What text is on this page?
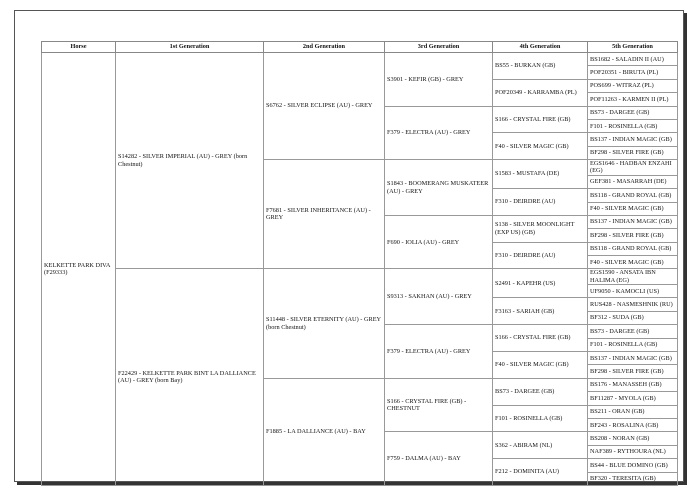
Horse	1st Generation	2nd Generation	3rd Generation	4th Generation	5th Generation
KELKETTE PARK DIVA (F29333)	S14282 - SILVER IMPERIAL (AU) - GREY (born Chestnut)	S6762 - SILVER ECLIPSE (AU) - GREY	S3901 - KEFIR (GB) - GREY	BS55 - BURKAN (GB)	BS1682 - SALADIN II (AU)
					POF20351 - BIRUTA (PL)
				POF20349 - KARRAMBA (PL)	POS699 - WITRAZ (PL)
					POF11263 - KARMEN II (PL)
			F379 - ELECTRA (AU) - GREY	S166 - CRYSTAL FIRE (GB)	BS73 - DARGEE (GB)
					F101 - ROSINELLA (GB)
				F40 - SILVER MAGIC (GB)	BS137 - INDIAN MAGIC (GB)
					BF298 - SILVER FIRE (GB)
		F7681 - SILVER INHERITANCE (AU) - GREY	S1843 - BOOMERANG MUSKATEER (AU) - GREY	S1583 - MUSTAFA (DE)	EGS1646 - HADBAN ENZAHI (EG)
					GEF381 - MASARRAH (DE)
				F310 - DEIRDRE (AU)	BS118 - GRAND ROYAL (GB)
					F40 - SILVER MAGIC (GB)
			F690 - IOLIA (AU) - GREY	S138 - SILVER MOONLIGHT (EXP US) (GB)	BS137 - INDIAN MAGIC (GB)
					BF298 - SILVER FIRE (GB)
				F310 - DEIRDRE (AU)	BS118 - GRAND ROYAL (GB)
					F40 - SILVER MAGIC (GB)
	F22429 - KELKETTE PARK BINT LA DALLIANCE (AU) - GREY (born Bay)	S11448 - SILVER ETERNITY (AU) - GREY (born Chestnut)	S9313 - SAKHAN (AU) - GREY	S2491 - KAPEHR (US)	EGS1590 - ANSATA IBN HALIMA (EG)
					UF9050 - KAMOCLI (US)
				F3163 - SARIAH (GB)	RUS428 - NASMESHNIK (RU)
					BF312 - SUDA (GB)
			F379 - ELECTRA (AU) - GREY	S166 - CRYSTAL FIRE (GB)	BS73 - DARGEE (GB)
					F101 - ROSINELLA (GB)
				F40 - SILVER MAGIC (GB)	BS137 - INDIAN MAGIC (GB)
					BF298 - SILVER FIRE (GB)
		F1885 - LA DALLIANCE (AU) - BAY	S166 - CRYSTAL FIRE (GB) - CHESTNUT	BS73 - DARGEE (GB)	BS176 - MANASSEH (GB)
					BF11287 - MYOLA (GB)
				F101 - ROSINELLA (GB)	BS211 - ORAN (GB)
					BF243 - ROSALINA (GB)
			F759 - DALMA (AU) - BAY	S362 - ABIRAM (NL)	BS208 - NORAN (GB)
					NAF389 - RYTHOURA (NL)
				F212 - DOMINITA (AU)	BS44 - BLUE DOMINO (GB)
					BF320 - TERESITA (GB)
